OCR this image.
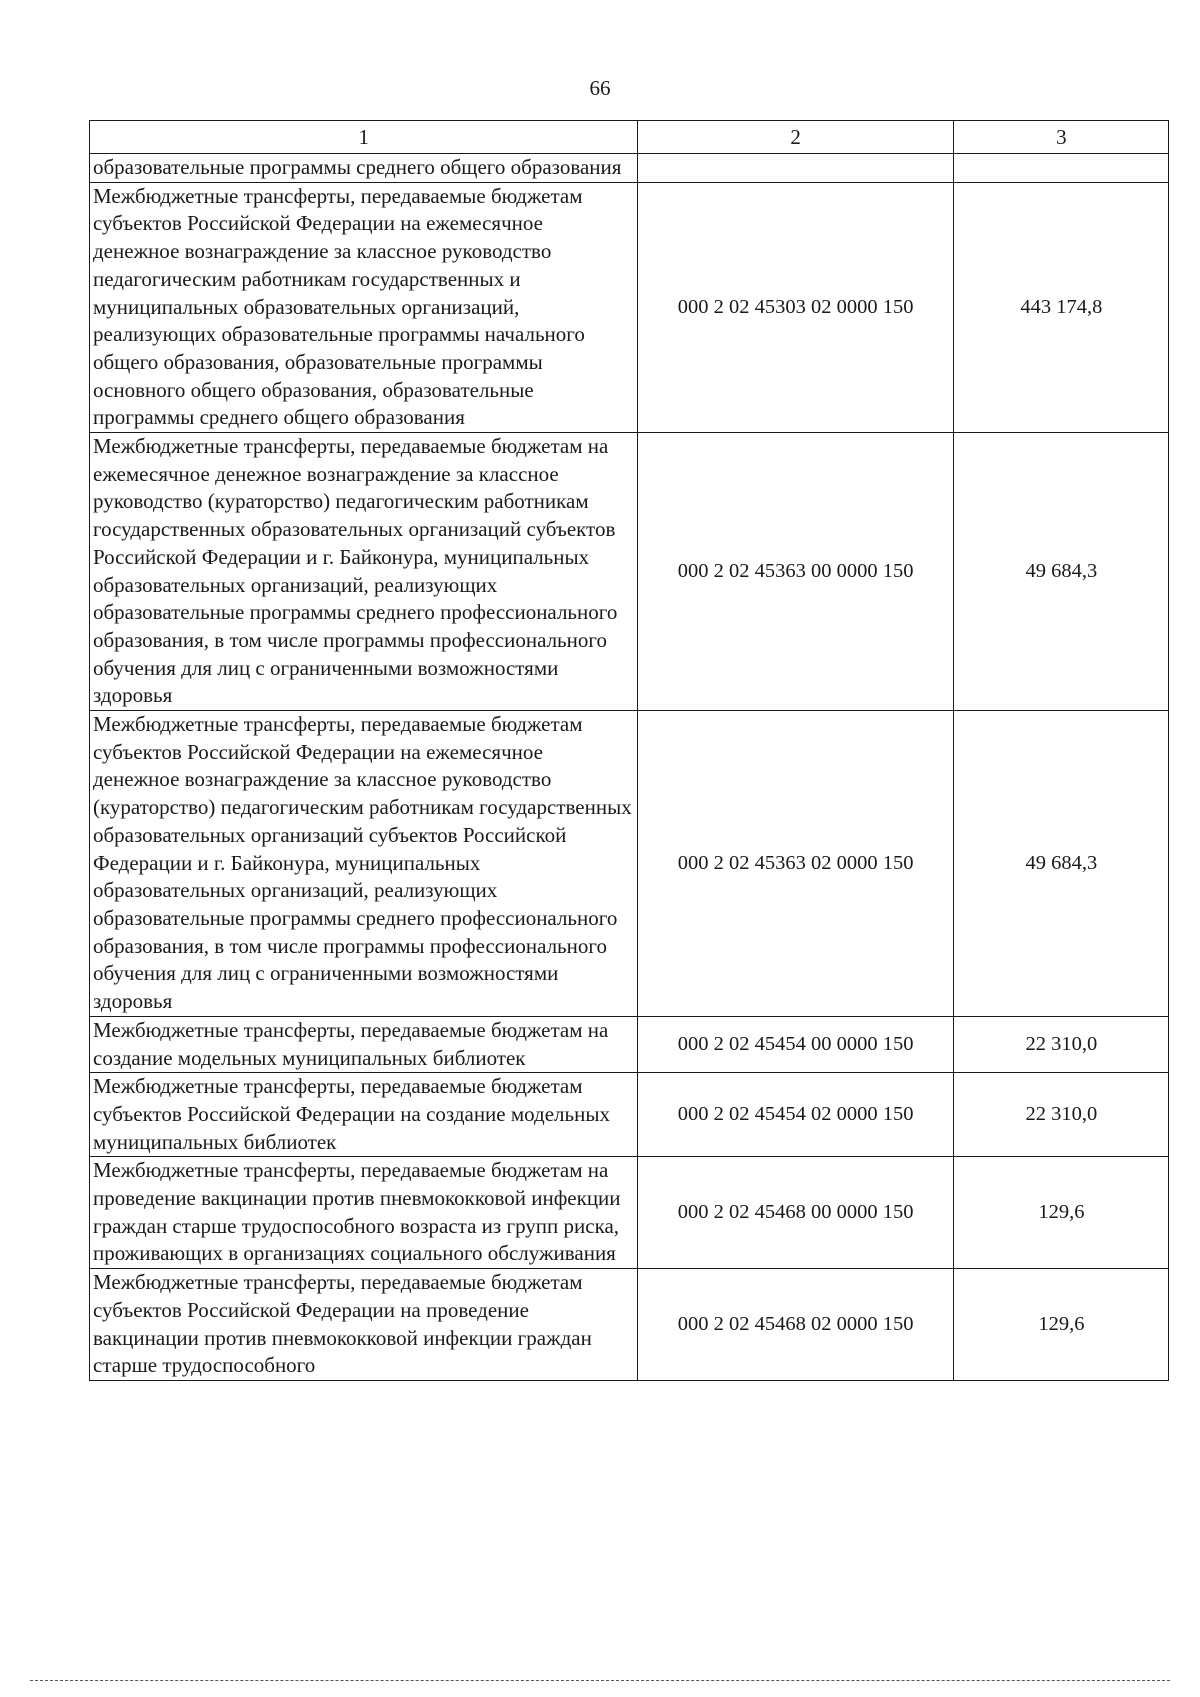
66
1	2	3
образовательные программы среднего общего образования		
Межбюджетные трансферты, передаваемые бюджетам субъектов Российской Федерации на ежемесячное денежное вознаграждение за классное руководство педагогическим работникам государственных и муниципальных образовательных организаций, реализующих образовательные программы начального общего образования, образовательные программы основного общего образования, образовательные программы среднего общего образования	000 2 02 45303 02 0000 150	443 174,8
Межбюджетные трансферты, передаваемые бюджетам на ежемесячное денежное вознаграждение за классное руководство (кураторство) педагогическим работникам государственных образовательных организаций субъектов Российской Федерации и г. Байконура, муниципальных образовательных организаций, реализующих образовательные программы среднего профессионального образования, в том числе программы профессионального обучения для лиц с ограниченными возможностями здоровья	000 2 02 45363 00 0000 150	49 684,3
Межбюджетные трансферты, передаваемые бюджетам субъектов Российской Федерации на ежемесячное денежное вознаграждение за классное руководство (кураторство) педагогическим работникам государственных образовательных организаций субъектов Российской Федерации и г. Байконура, муниципальных образовательных организаций, реализующих образовательные программы среднего профессионального образования, в том числе программы профессионального обучения для лиц с ограниченными возможностями здоровья	000 2 02 45363 02 0000 150	49 684,3
Межбюджетные трансферты, передаваемые бюджетам на создание модельных муниципальных библиотек	000 2 02 45454 00 0000 150	22 310,0
Межбюджетные трансферты, передаваемые бюджетам субъектов Российской Федерации на создание модельных муниципальных библиотек	000 2 02 45454 02 0000 150	22 310,0
Межбюджетные трансферты, передаваемые бюджетам на проведение вакцинации против пневмококковой инфекции граждан старше трудоспособного возраста из групп риска, проживающих в организациях социального обслуживания	000 2 02 45468 00 0000 150	129,6
Межбюджетные трансферты, передаваемые бюджетам субъектов Российской Федерации на проведение вакцинации против пневмококковой инфекции граждан старше трудоспособного	000 2 02 45468 02 0000 150	129,6
